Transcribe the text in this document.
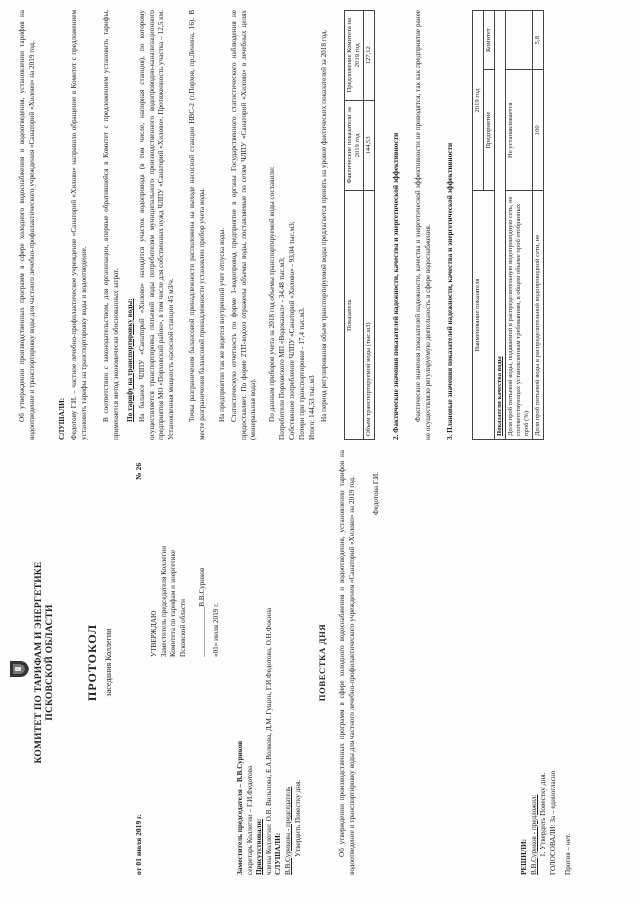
КОМИТЕТ ПО ТАРИФАМ И ЭНЕРГЕТИКЕ ПСКОВСКОЙ ОБЛАСТИ	ПРОТОКОЛ заседания Коллегии
от 01 июля 2019 г.
№ 26
УТВЕРЖДАЮ Заместитель председателя Коллегии Комитета по тарифам и энергетике Псковской области ______________В.В.Суриков «01» июля 2019 г.
Заместитель председателя – В.В.Суриков секретарь Коллегии – Г.И.Федотова Присутствовали: члены Коллегии: О.В. Вильпова, Е.А.Волкова, Д.М. Гущин, Г.И.Федотова, О.Н.Фокина СЛУШАЛИ: В.В.Сурикова - председатель Утвердить Повестку дня.
ПОВЕСТКА ДНЯ Об утверждении производственных программ в сфере холодного водоснабжения и водоотведения, установлении тарифов на водоотведение и транспортировку воды для частного лечебно-профилактического учреждения «Санаторий «Хилово» на 2019 год. Федотова Г.И.
РЕШИЛИ: В.В.Суриков - предложил: 1. Утвердить Повестку дня. ГОЛОСОВАЛИ: За – единогласно Против – нет.
Об утверждении производственных программ в сфере холодного водоснабжения и водоотведения, установлении тарифов на водоотведение и транспортировку воды для частного лечебно-профилактического учреждения «Санаторий «Хилово» на 2019 год.	СЛУШАЛИ: Федотову Г.И. – частное лечебно-профилактическое учреждение «Санаторий «Хилово» направило обращение в Комитет с предложением установить тарифы на транспортировку воды и водоотведение. В соответствии с законодательством, для организации, впервые обратившейся в Комитет с предложением установить тарифы, применяется метод экономически обоснованных затрат. По тарифу на транспортировку воды: На балансе ЧЛПУ «Санаторий «Хилово» находится участок водопровода (в том числе, напорная станция), по которому осуществляется транспортировка питьевой воды потребителям муниципального производственного водопроводно-канализационного предприятия МО «Порховский район», в том числе для собственных нужд ЧЛПУ «Санаторий «Хилово». Протяженность участка – 12,5 км. Установленная мощность насосной станции 45 м3/ч. Точка разграничения балансовой принадлежности расположена на выходе насосной станции НВС-2 (г.Порхов, пр.Ленина, 16). В месте разграничения балансовой принадлежности установлен прибор учета воды. На предприятии так же ведется внутренний учет отпуска воды. Статистическую отчетность по форме 1-водопровод предприятие в органы Государственного статистического наблюдения не предоставляет. По форме 2ТП-водхоз отражены объемы воды, поставляемые по сетям ЧЛПУ «Санаторий «Хилово» в лечебных целях (минеральная вода). По данным приборов учета за 2018 год объемы транспортируемой воды составили: Потребители Порховского МП «Водоканал» - 34,48 тыс.м3; Собственное потребление ЧЛПУ «Санаторий «Хилово» - 93,04 тыс.м3; Потери при транспортировке - 17,4 тыс.м3. Итого: 144,53 тыс.м3 На период регулирования объем транспортируемой воды предлагается принять на уровне фактических показателей за 2018 год.	Показатель	Фактические показатели за 2019 год	Предложение Комитета на 2019 год
Объем транспортируемой воды (тыс.м3)	144,53	127,12
2. Фактические значения показателей надежности, качества и энергетической эффективности Фактические значения показателей надежности, качества и энергетической эффективности не приводятся, так как предприятие ранее не осуществляло регулируемую деятельность в сфере водоснабжения. 3. Плановые значения показателей надежности, качества и энергетической эффективности	Наименование показателя	2019 год	
	Предприятие	Комитет
Показатели качества воды		
Доля проб питьевой воды, подаваемой в распределительную водопроводную сеть, не соответствующих установленным требованиям, в общем объеме проб отобранных проб (%)	Не устанавливается	
Доля проб питьевой воды в распределительной водопроводной сети, не	100	5,8
